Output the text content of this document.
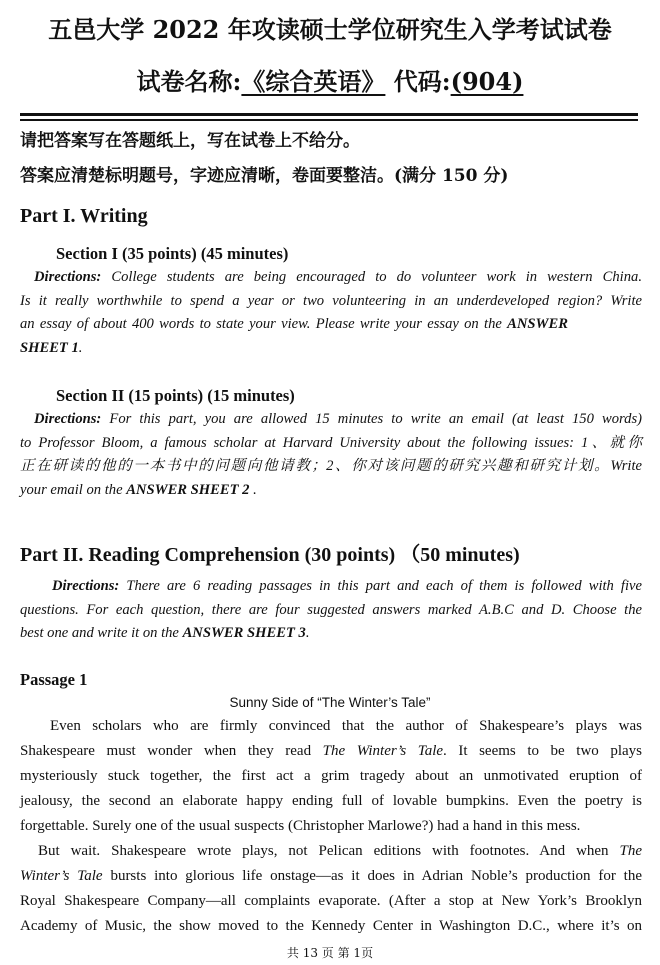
五邑大学 2022 年攻读硕士学位研究生入学考试试卷
试卷名称:《综合英语》 代码:(904)
请把答案写在答题纸上，写在试卷上不给分。
答案应清楚标明题号，字迹应清晰，卷面要整洁。(满分 150 分)
Part I. Writing
Section I (35 points) (45 minutes)
Directions: College students are being encouraged to do volunteer work in western China.
Is it really worthwhile to spend a year or two volunteering in an underdeveloped region? Write
an essay of about 400 words to state your view. Please write your essay on the ANSWER
SHEET 1.
Section II (15 points) (15 minutes)
Directions: For this part, you are allowed 15 minutes to write an email (at least 150 words)
to Professor Bloom, a famous scholar at Harvard University about the following issues: 1、就你
正在研读的他的一本书中的问题向他请教；2、你对该问题的研究兴趣和研究计划。Write
your email on the ANSWER SHEET 2 .
Part II. Reading Comprehension (30 points) （50 minutes)
Directions: There are 6 reading passages in this part and each of them is followed with five
questions. For each question, there are four suggested answers marked A.B.C and D. Choose the
best one and write it on the ANSWER SHEET 3.
Passage 1
Sunny Side of “The Winter’s Tale”
Even scholars who are firmly convinced that the author of Shakespeare’s plays was
Shakespeare must wonder when they read The Winter’s Tale. It seems to be two plays
mysteriously stuck together, the first act a grim tragedy about an unmotivated eruption of
jealousy, the second an elaborate happy ending full of lovable bumpkins. Even the poetry is
forgettable. Surely one of the usual suspects (Christopher Marlowe?) had a hand in this mess.
But wait. Shakespeare wrote plays, not Pelican editions with footnotes. And when The
Winter’s Tale bursts into glorious life onstage—as it does in Adrian Noble’s production for the
Royal Shakespeare Company—all complaints evaporate. (After a stop at New York’s Brooklyn
Academy of Music, the show moved to the Kennedy Center in Washington D.C., where it’s on
共 13 页 第 1页
